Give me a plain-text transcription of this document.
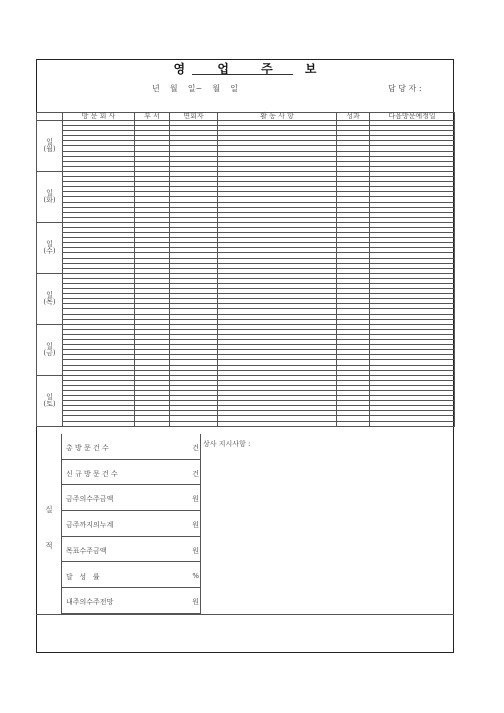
영 업 주 보
년    월    일~    월    일	담 당 자 :
	방 문 회 사	부 서	면회자	활 동 사 항	성과	다음방문예정일

일
(월)						

일
(화)						

일
(수)						

일
(목)						

일
(금)						

일
(토)						

실
적
총 방 문 건 수	건
신 규 방 문 건 수	건
금주의수주금액	원
금주까지의누계	원
목표수주금액	원
달   성   률	%
내주의수주전망	원
상사 지시사항 :
